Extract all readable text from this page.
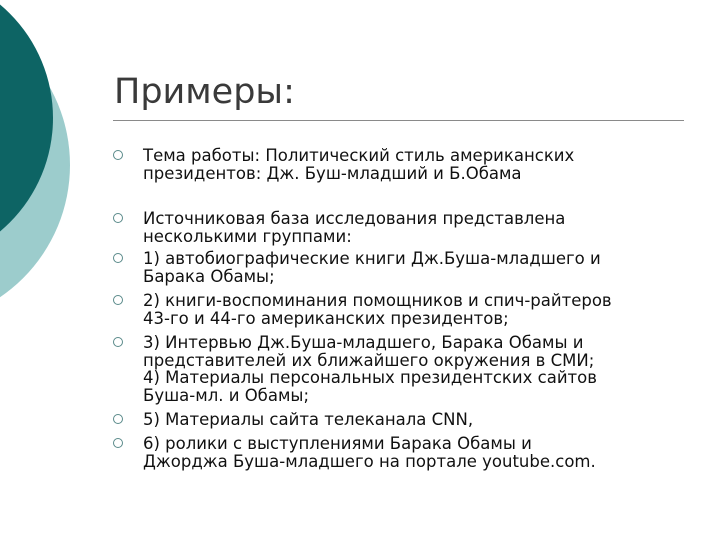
Примеры:
Тема работы: Политический стиль американских
президентов: Дж. Буш-младший и Б.Обама
Источниковая база исследования представлена
несколькими группами:
1) автобиографические книги Дж.Буша-младшего и
Барака Обамы;
2) книги-воспоминания помощников и спич-райтеров
43-го и 44-го американских президентов;
3) Интервью Дж.Буша-младшего, Барака Обамы и
представителей их ближайшего окружения в СМИ;
4) Материалы персональных президентских сайтов
Буша-мл. и Обамы;
5) Материалы сайта телеканала CNN,
6) ролики с выступлениями Барака Обамы и
Джорджа Буша-младшего на портале youtube.com.
